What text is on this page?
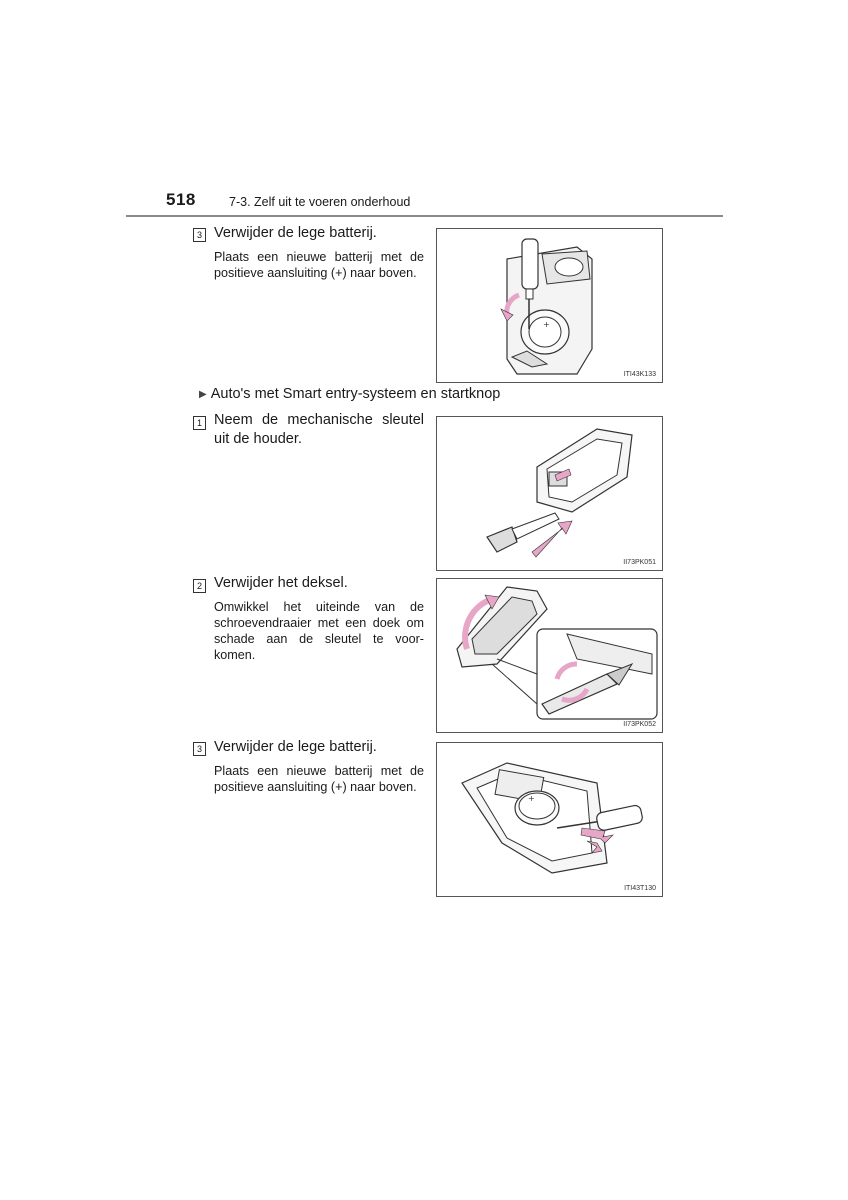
518	7-3. Zelf uit te voeren onderhoud
3 Verwijder de lege batterij.
Plaats een nieuwe batterij met de positieve aansluiting (+) naar boven.
+
ITI43K133
▶ Auto's met Smart entry-systeem en startknop
1 Neem de mechanische sleutel uit de houder.
II73PK051
2 Verwijder het deksel.
Omwikkel het uiteinde van de schroevendraaier met een doek om schade aan de sleutel te voor-komen.
II73PK052
3 Verwijder de lege batterij.
Plaats een nieuwe batterij met de positieve aansluiting (+) naar boven.
+
ITI43T130
